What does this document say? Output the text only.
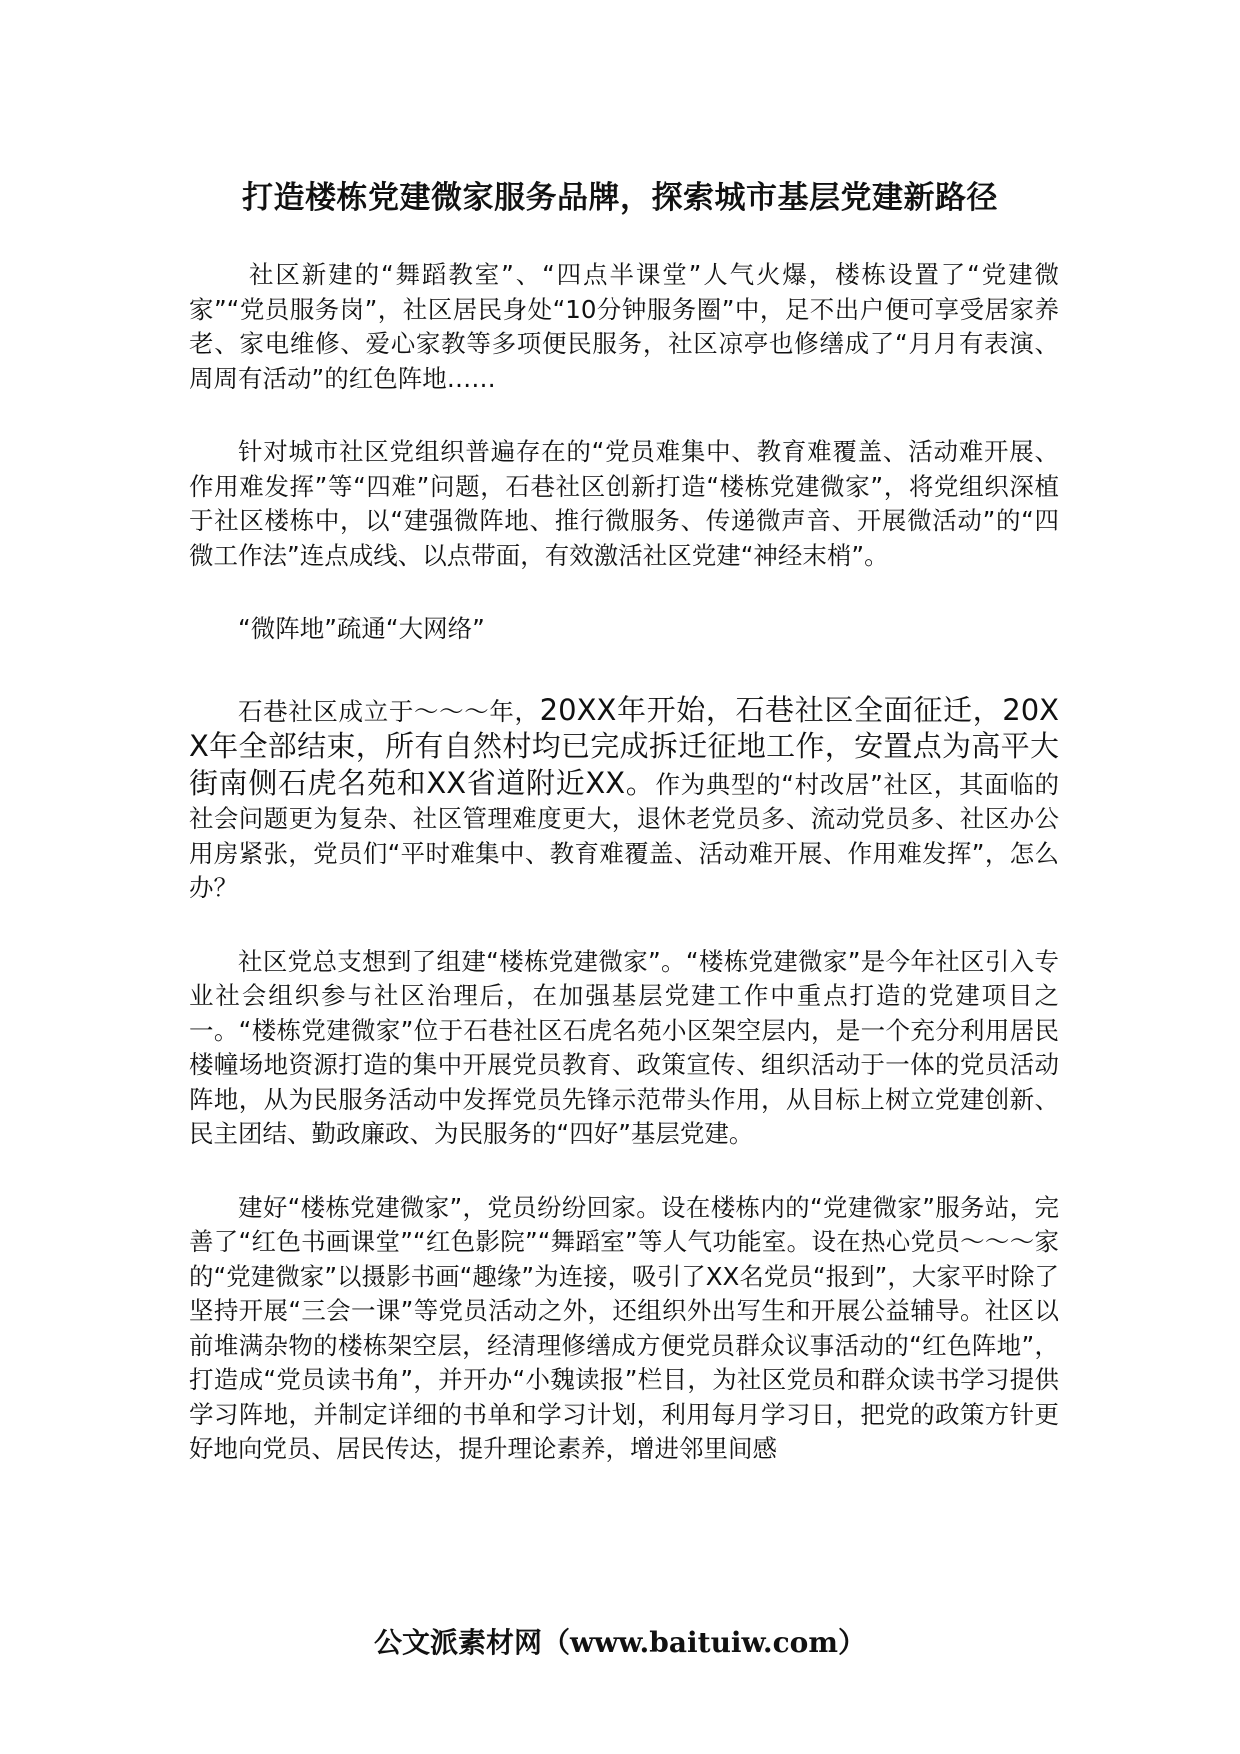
打造楼栋党建微家服务品牌，探索城市基层党建新路径

社区新建的“舞蹈教室”、“四点半课堂”人气火爆，楼栋设置了“党建微家”“党员服务岗”，社区居民身处“10分钟服务圈”中，足不出户便可享受居家养老、家电维修、爱心家教等多项便民服务，社区凉亭也修缮成了“月月有表演、周周有活动”的红色阵地……

针对城市社区党组织普遍存在的“党员难集中、教育难覆盖、活动难开展、作用难发挥”等“四难”问题，石巷社区创新打造“楼栋党建微家”，将党组织深植于社区楼栋中，以“建强微阵地、推行微服务、传递微声音、开展微活动”的“四微工作法”连点成线、以点带面，有效激活社区党建“神经末梢”。

“微阵地”疏通“大网络”

石巷社区成立于～～～年，20XX年开始，石巷社区全面征迁，20XX年全部结束，所有自然村均已完成拆迁征地工作，安置点为高平大街南侧石虎名苑和XX省道附近XX。作为典型的“村改居”社区，其面临的社会问题更为复杂、社区管理难度更大，退休老党员多、流动党员多、社区办公用房紧张，党员们“平时难集中、教育难覆盖、活动难开展、作用难发挥”，怎么办？

社区党总支想到了组建“楼栋党建微家”。“楼栋党建微家”是今年社区引入专业社会组织参与社区治理后，在加强基层党建工作中重点打造的党建项目之一。“楼栋党建微家”位于石巷社区石虎名苑小区架空层内，是一个充分利用居民楼幢场地资源打造的集中开展党员教育、政策宣传、组织活动于一体的党员活动阵地，从为民服务活动中发挥党员先锋示范带头作用，从目标上树立党建创新、民主团结、勤政廉政、为民服务的“四好”基层党建。

建好“楼栋党建微家”，党员纷纷回家。设在楼栋内的“党建微家”服务站，完善了“红色书画课堂”“红色影院”“舞蹈室”等人气功能室。设在热心党员～～～家的“党建微家”以摄影书画“趣缘”为连接，吸引了XX名党员“报到”，大家平时除了坚持开展“三会一课”等党员活动之外，还组织外出写生和开展公益辅导。社区以前堆满杂物的楼栋架空层，经清理修缮成方便党员群众议事活动的“红色阵地”，打造成“党员读书角”，并开办“小魏读报”栏目，为社区党员和群众读书学习提供学习阵地，并制定详细的书单和学习计划，利用每月学习日，把党的政策方针更好地向党员、居民传达，提升理论素养，增进邻里间感

公文派素材网（www.baituiw.com）
